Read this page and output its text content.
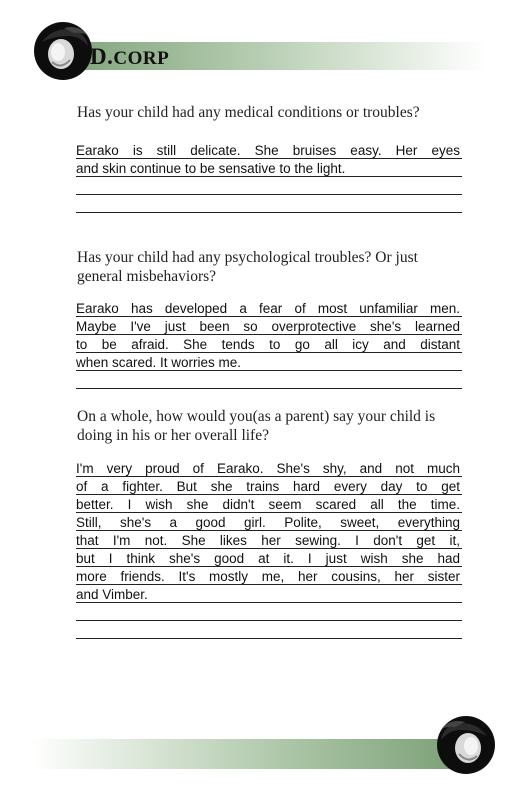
D.CORP
Has your child had any medical conditions or troubles?
Earako is still delicate. She bruises easy. Her eyes
and skin continue to be sensative to the light.
Has your child had any psychological troubles? Or just
general misbehaviors?
Earako has developed a fear of most unfamiliar men.
Maybe I've just been so overprotective she's learned
to be afraid. She tends to go all icy and distant
when scared. It worries me.
On a whole, how would you(as a parent) say your child is
doing in his or her overall life?
I'm very proud of Earako. She's shy, and not much
of a fighter. But she trains hard every day to get
better. I wish she didn't seem scared all the time.
Still, she's a good girl. Polite, sweet, everything
that I'm not. She likes her sewing. I don't get it,
but I think she's good at it. I just wish she had
more friends. It's mostly me, her cousins, her sister
and Vimber.
